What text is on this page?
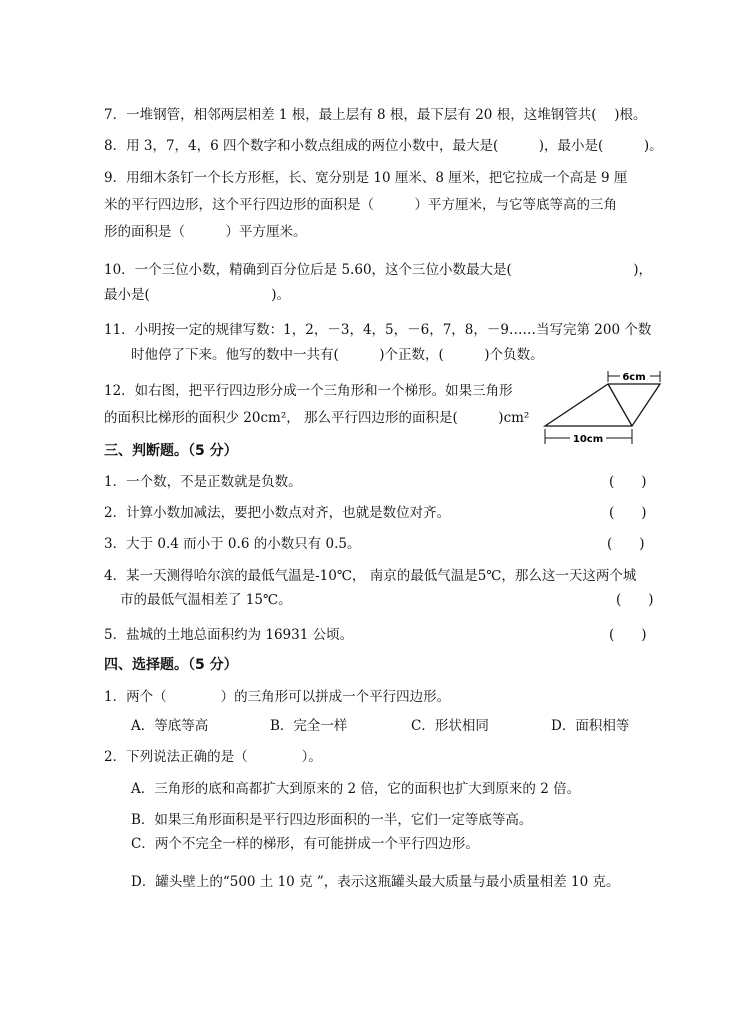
7．一堆钢管，相邻两层相差 1 根，最上层有 8 根，最下层有 20 根，这堆钢管共(　 )根。
8．用 3，7，4，6 四个数字和小数点组成的两位小数中，最大是(　　　)，最小是(　　　)。
9．用细木条钉一个长方形框，长、宽分别是 10 厘米、8 厘米，把它拉成一个高是 9 厘
米的平行四边形，这个平行四边形的面积是（　　　）平方厘米，与它等底等高的三角
形的面积是（　　　）平方厘米。
10．一个三位小数，精确到百分位后是 5.60，这个三位小数最大是(　　　　　　　　　)，
最小是(　　　　　　　　　)。
11．小明按一定的规律写数：1，2，－3，4，5，－6，7，8，－9……当写完第 200 个数
时他停了下来。他写的数中一共有(　　　)个正数，(　　　)个负数。
12．如右图，把平行四边形分成一个三角形和一个梯形。如果三角形
的面积比梯形的面积少 20cm²， 那么平行四边形的面积是(　　　)cm²
6cm
10cm
三、判断题。（5 分）
1．一个数，不是正数就是负数。	(　　)
2．计算小数加减法，要把小数点对齐，也就是数位对齐。	(　　)
3．大于 0.4 而小于 0.6 的小数只有 0.5。	(　　)
4．某一天测得哈尔滨的最低气温是-10℃， 南京的最低气温是5℃，那么这一天这两个城
市的最低气温相差了 15℃。	(　　)
5．盐城的土地总面积约为 16931 公顷。	(　　)
四、选择题。（5 分）
1．两个（　　　　）的三角形可以拼成一个平行四边形。
A．等底等高	B．完全一样	C．形状相同	D．面积相等
2．下列说法正确的是（　　　　）。
A．三角形的底和高都扩大到原来的 2 倍，它的面积也扩大到原来的 2 倍。
B．如果三角形面积是平行四边形面积的一半，它们一定等底等高。
C．两个不完全一样的梯形，有可能拼成一个平行四边形。
D．罐头壁上的“500 土 10 克 ”，表示这瓶罐头最大质量与最小质量相差 10 克。
